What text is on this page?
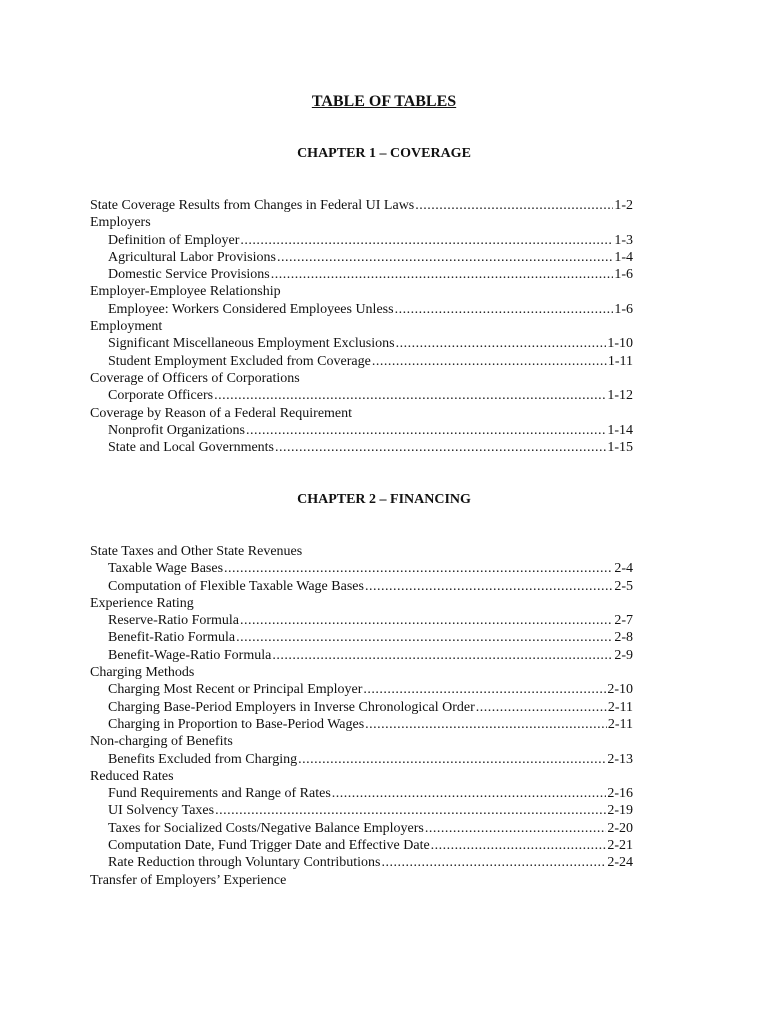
TABLE OF TABLES
CHAPTER 1 – COVERAGE
State Coverage Results from Changes in Federal UI Laws .....	1-2
Employers
Definition of Employer .....	1-3
Agricultural Labor Provisions .....	1-4
Domestic Service Provisions .....	1-6
Employer-Employee Relationship
Employee: Workers Considered Employees Unless .....	1-6
Employment
Significant Miscellaneous Employment Exclusions .....	1-10
Student Employment Excluded from Coverage .....	1-11
Coverage of Officers of Corporations
Corporate Officers .....	1-12
Coverage by Reason of a Federal Requirement
Nonprofit Organizations .....	1-14
State and Local Governments .....	1-15
CHAPTER 2 – FINANCING
State Taxes and Other State Revenues
Taxable Wage Bases .....	2-4
Computation of Flexible Taxable Wage Bases .....	2-5
Experience Rating
Reserve-Ratio Formula .....	2-7
Benefit-Ratio Formula .....	2-8
Benefit-Wage-Ratio Formula .....	2-9
Charging Methods
Charging Most Recent or Principal Employer .....	2-10
Charging Base-Period Employers in Inverse Chronological Order .....	2-11
Charging in Proportion to Base-Period Wages .....	2-11
Non-charging of Benefits
Benefits Excluded from Charging .....	2-13
Reduced Rates
Fund Requirements and Range of Rates .....	2-16
UI Solvency Taxes .....	2-19
Taxes for Socialized Costs/Negative Balance Employers .....	2-20
Computation Date, Fund Trigger Date and Effective Date .....	2-21
Rate Reduction through Voluntary Contributions .....	2-24
Transfer of Employers’ Experience
